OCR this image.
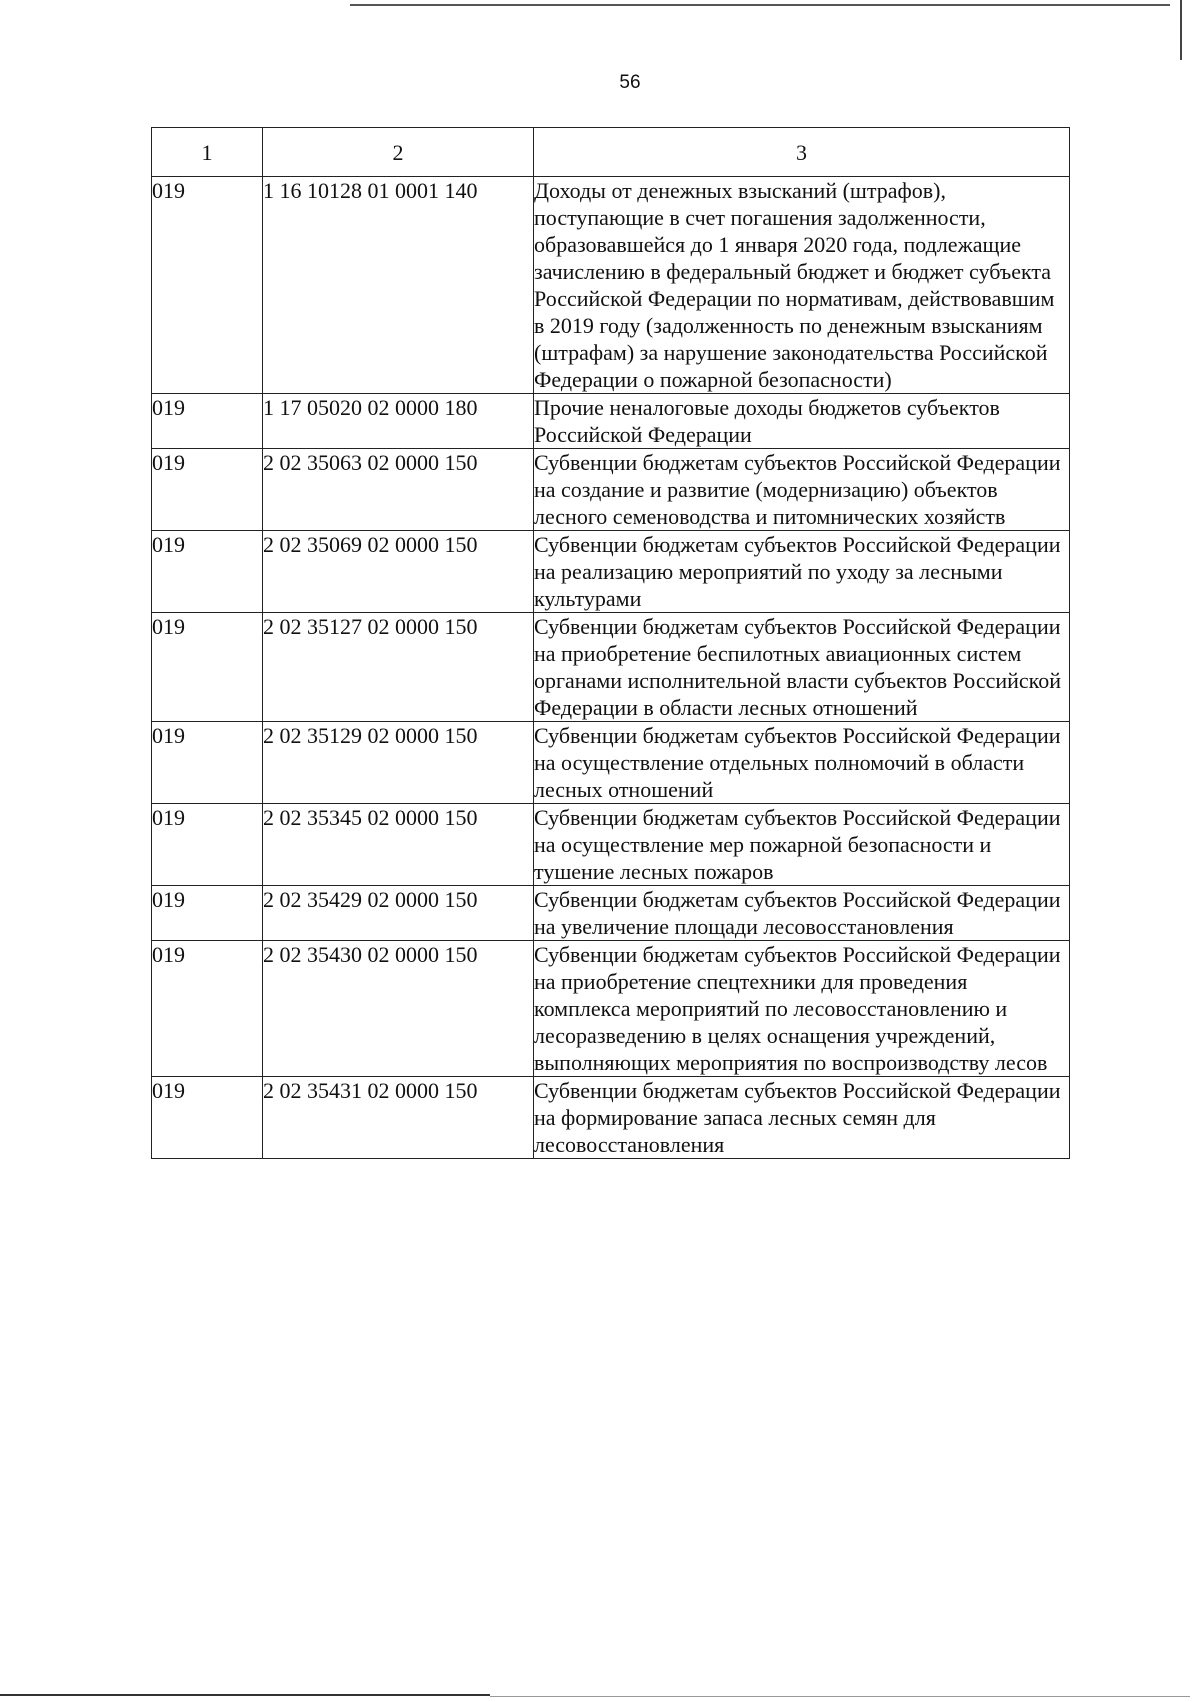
56
1	2	3
019	1 16 10128 01 0001 140	Доходы от денежных взысканий (штрафов), поступающие в счет погашения задолженности, образовавшейся до 1 января 2020 года, подлежащие зачислению в федеральный бюджет и бюджет субъекта Российской Федерации по нормативам, действовавшим в 2019 году (задолженность по денежным взысканиям (штрафам) за нарушение законодательства Российской Федерации о пожарной безопасности)
019	1 17 05020 02 0000 180	Прочие неналоговые доходы бюджетов субъектов Российской Федерации
019	2 02 35063 02 0000 150	Субвенции бюджетам субъектов Российской Федерации на создание и развитие (модернизацию) объектов лесного семеноводства и питомнических хозяйств
019	2 02 35069 02 0000 150	Субвенции бюджетам субъектов Российской Федерации на реализацию мероприятий по уходу за лесными культурами
019	2 02 35127 02 0000 150	Субвенции бюджетам субъектов Российской Федерации на приобретение беспилотных авиационных систем органами исполнительной власти субъектов Российской Федерации в области лесных отношений
019	2 02 35129 02 0000 150	Субвенции бюджетам субъектов Российской Федерации на осуществление отдельных полномочий в области лесных отношений
019	2 02 35345 02 0000 150	Субвенции бюджетам субъектов Российской Федерации на осуществление мер пожарной безопасности и тушение лесных пожаров
019	2 02 35429 02 0000 150	Субвенции бюджетам субъектов Российской Федерации на увеличение площади лесовосстановления
019	2 02 35430 02 0000 150	Субвенции бюджетам субъектов Российской Федерации на приобретение спецтехники для проведения комплекса мероприятий по лесовосстановлению и лесоразведению в целях оснащения учреждений, выполняющих мероприятия по воспроизводству лесов
019	2 02 35431 02 0000 150	Субвенции бюджетам субъектов Российской Федерации на формирование запаса лесных семян для лесовосстановления
